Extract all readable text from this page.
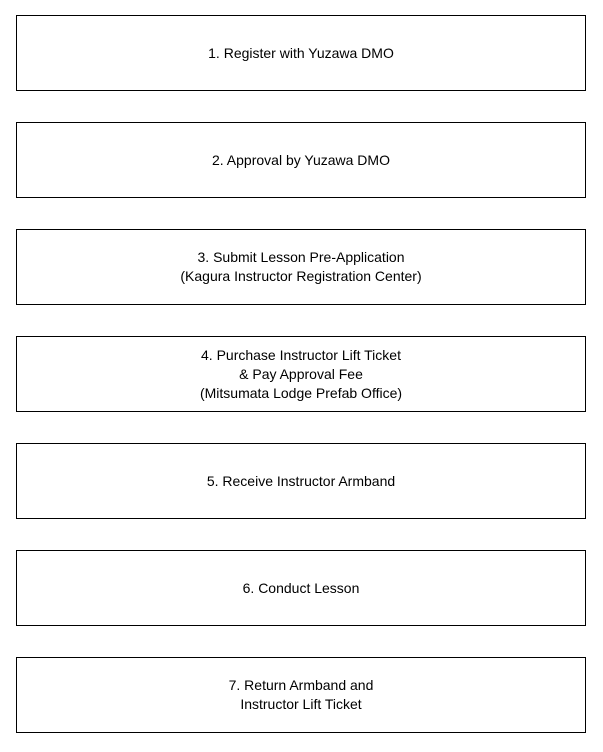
1. Register with Yuzawa DMO
2. Approval by Yuzawa DMO
3. Submit Lesson Pre-Application
(Kagura Instructor Registration Center)
4. Purchase Instructor Lift Ticket
& Pay Approval Fee
(Mitsumata Lodge Prefab Office)
5. Receive Instructor Armband
6. Conduct Lesson
7. Return Armband and
Instructor Lift Ticket
